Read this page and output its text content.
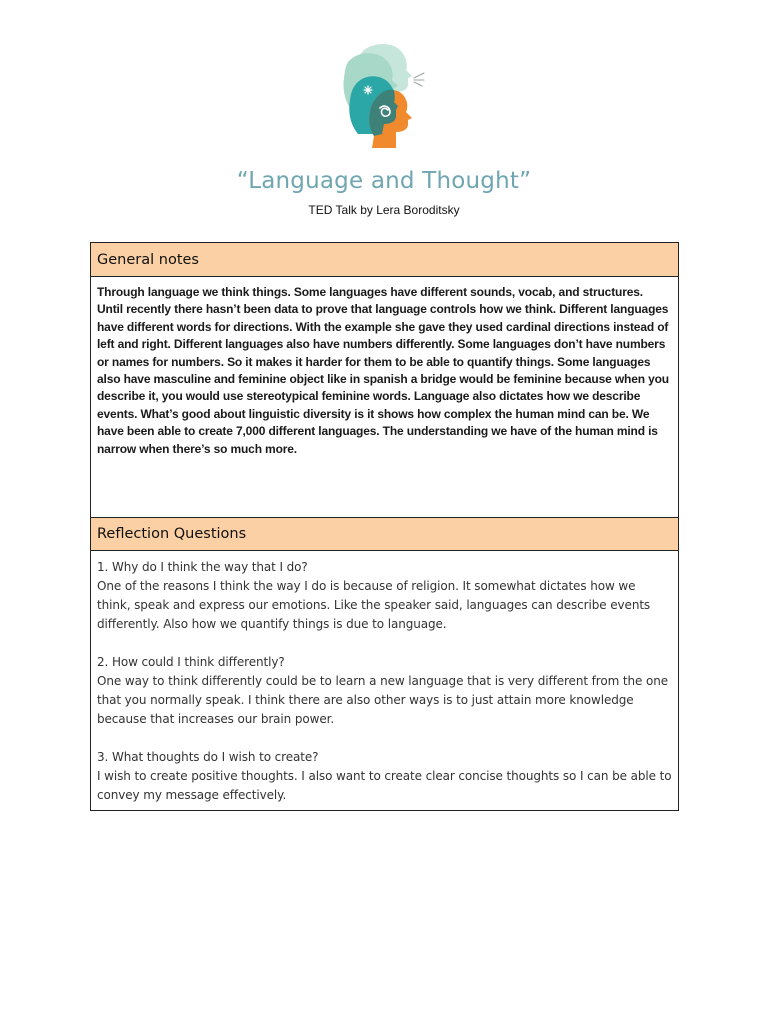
“Language and Thought”

TED Talk by Lera Boroditsky

General notes
Through language we think things. Some languages have different sounds, vocab, and structures. Until recently there hasn’t been data to prove that language controls how we think. Different languages have different words for directions. With the example she gave they used cardinal directions instead of left and right. Different languages also have numbers differently. Some languages don’t have numbers or names for numbers. So it makes it harder for them to be able to quantify things. Some languages also have masculine and feminine object like in spanish a bridge would be feminine because when you describe it, you would use stereotypical feminine words. Language also dictates how we describe events. What’s good about linguistic diversity is it shows how complex the human mind can be. We have been able to create 7,000 different languages. The understanding we have of the human mind is narrow when there’s so much more.
Reflection Questions

1. Why do I think the way that I do?

One of the reasons I think the way I do is because of religion. It somewhat dictates how we think, speak and express our emotions. Like the speaker said, languages can describe events differently. Also how we quantify things is due to language.

2. How could I think differently?

One way to think differently could be to learn a new language that is very different from the one that you normally speak. I think there are also other ways is to just attain more knowledge because that increases our brain power.

3. What thoughts do I wish to create?

I wish to create positive thoughts. I also want to create clear concise thoughts so I can be able to convey my message effectively.
